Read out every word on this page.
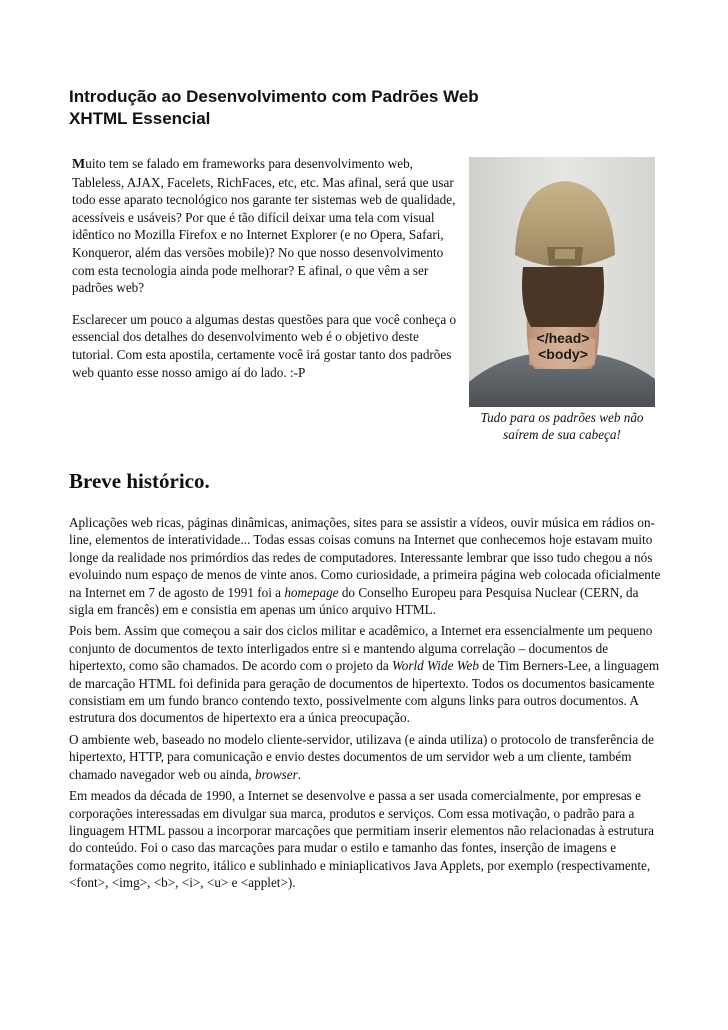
Introdução ao Desenvolvimento com Padrões Web
XHTML Essencial

Muito tem se falado em frameworks para desenvolvimento web, Tableless, AJAX, Facelets, RichFaces, etc, etc. Mas afinal, será que usar todo esse aparato tecnológico nos garante ter sistemas web de qualidade, acessíveis e usáveis? Por que é tão difícil deixar uma tela com visual idêntico no Mozilla Firefox e no Internet Explorer (e no Opera, Safari, Konqueror, além das versões mobile)? No que nosso desenvolvimento com esta tecnologia ainda pode melhorar? E afinal, o que vêm a ser padrões web?

Esclarecer um pouco a algumas destas questões para que você conheça o essencial dos detalhes do desenvolvimento web é o objetivo deste tutorial. Com esta apostila, certamente você irá gostar tanto dos padrões web quanto esse nosso amigo aí do lado. :-P

</head>
<body>
Tudo para os padrões web não saírem de sua cabeça!
Breve histórico.

Aplicações web ricas, páginas dinâmicas, animações, sites para se assistir a vídeos, ouvir música em rádios on-line, elementos de interatividade... Todas essas coisas comuns na Internet que conhecemos hoje estavam muito longe da realidade nos primórdios das redes de computadores. Interessante lembrar que isso tudo chegou a nós evoluindo num espaço de menos de vinte anos. Como curiosidade, a primeira página web colocada oficialmente na Internet em 7 de agosto de 1991 foi a homepage do Conselho Europeu para Pesquisa Nuclear (CERN, da sigla em francês) em e consistia em apenas um único arquivo HTML.

Pois bem. Assim que começou a sair dos ciclos militar e acadêmico, a Internet era essencialmente um pequeno conjunto de documentos de texto interligados entre si e mantendo alguma correlação – documentos de hipertexto, como são chamados. De acordo com o projeto da World Wide Web de Tim Berners-Lee, a linguagem de marcação HTML foi definida para geração de documentos de hipertexto. Todos os documentos basicamente consistiam em um fundo branco contendo texto, possivelmente com alguns links para outros documentos. A estrutura dos documentos de hipertexto era a única preocupação.

O ambiente web, baseado no modelo cliente-servidor, utilizava (e ainda utiliza) o protocolo de transferência de hipertexto, HTTP, para comunicação e envio destes documentos de um servidor web a um cliente, também chamado navegador web ou ainda, browser.

Em meados da década de 1990, a Internet se desenvolve e passa a ser usada comercialmente, por empresas e corporações interessadas em divulgar sua marca, produtos e serviços. Com essa motivação, o padrão para a linguagem HTML passou a incorporar marcações que permitiam inserir elementos não relacionadas à estrutura do conteúdo. Foi o caso das marcações para mudar o estilo e tamanho das fontes, inserção de imagens e formatações como negrito, itálico e sublinhado e miniaplicativos Java Applets, por exemplo (respectivamente, <font>, <img>, <b>, <i>, <u> e <applet>).
